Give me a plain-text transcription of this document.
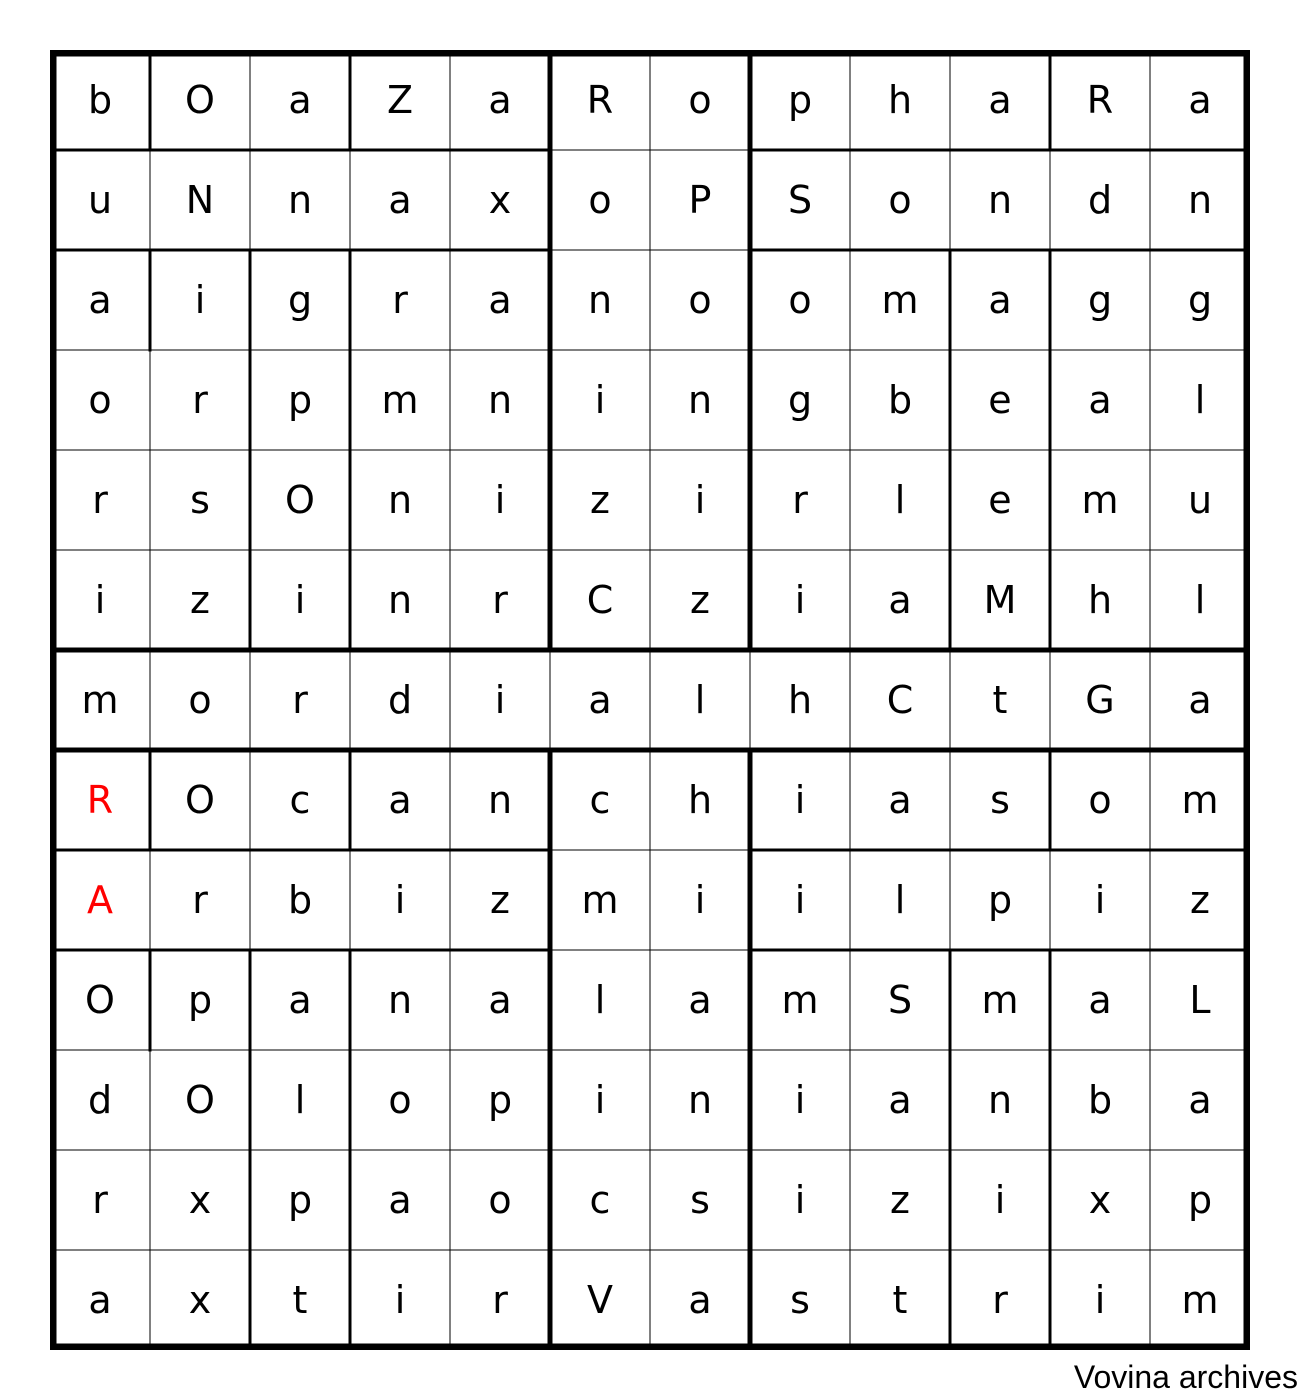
b	O	a	Z	a	R	o	p	h	a	R	a
u	N	n	a	x	o	P	S	o	n	d	n
a	i	g	r	a	n	o	o	m	a	g	g
o	r	p	m	n	i	n	g	b	e	a	l
r	s	O	n	i	z	i	r	l	e	m	u
i	z	i	n	r	C	z	i	a	M	h	l
m	o	r	d	i	a	l	h	C	t	G	a
R	O	c	a	n	c	h	i	a	s	o	m
A	r	b	i	z	m	i	i	l	p	i	z
O	p	a	n	a	l	a	m	S	m	a	L
d	O	l	o	p	i	n	i	a	n	b	a
r	x	p	a	o	c	s	i	z	i	x	p
a	x	t	i	r	V	a	s	t	r	i	m
Vovina archives
